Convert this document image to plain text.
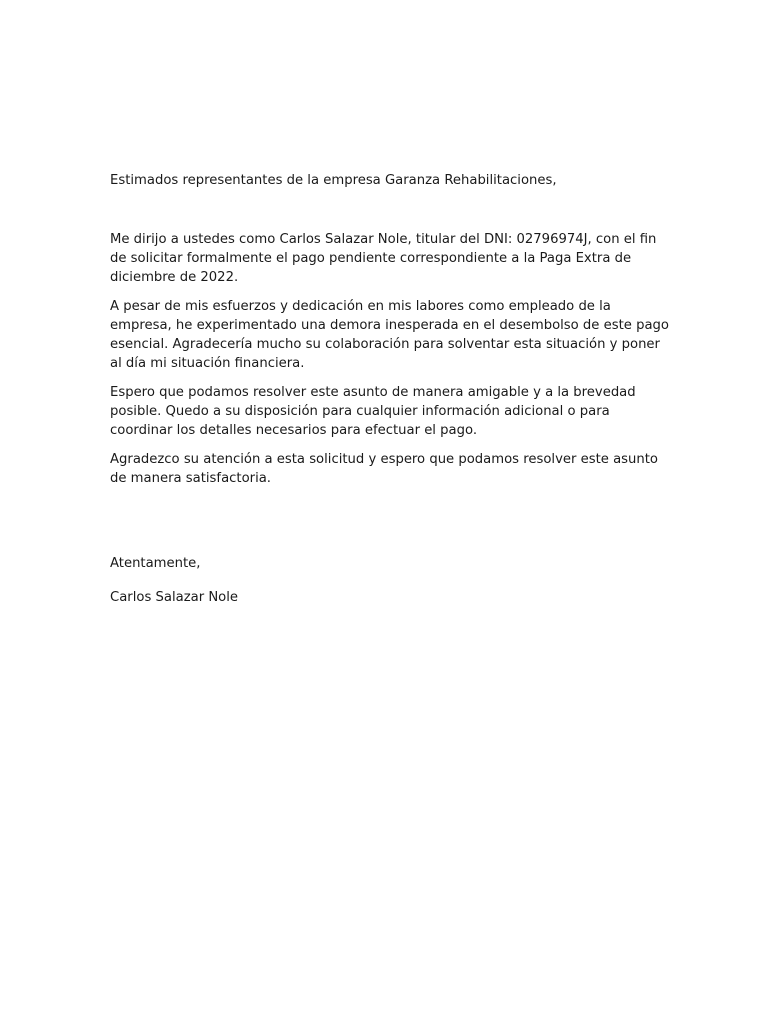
Estimados representantes de la empresa Garanza Rehabilitaciones,

Me dirijo a ustedes como Carlos Salazar Nole, titular del DNI: 02796974J, con el fin de solicitar formalmente el pago pendiente correspondiente a la Paga Extra de diciembre de 2022.

A pesar de mis esfuerzos y dedicación en mis labores como empleado de la empresa, he experimentado una demora inesperada en el desembolso de este pago esencial. Agradecería mucho su colaboración para solventar esta situación y poner al día mi situación financiera.

Espero que podamos resolver este asunto de manera amigable y a la brevedad posible. Quedo a su disposición para cualquier información adicional o para coordinar los detalles necesarios para efectuar el pago.

Agradezco su atención a esta solicitud y espero que podamos resolver este asunto de manera satisfactoria.

Atentamente,

Carlos Salazar Nole
